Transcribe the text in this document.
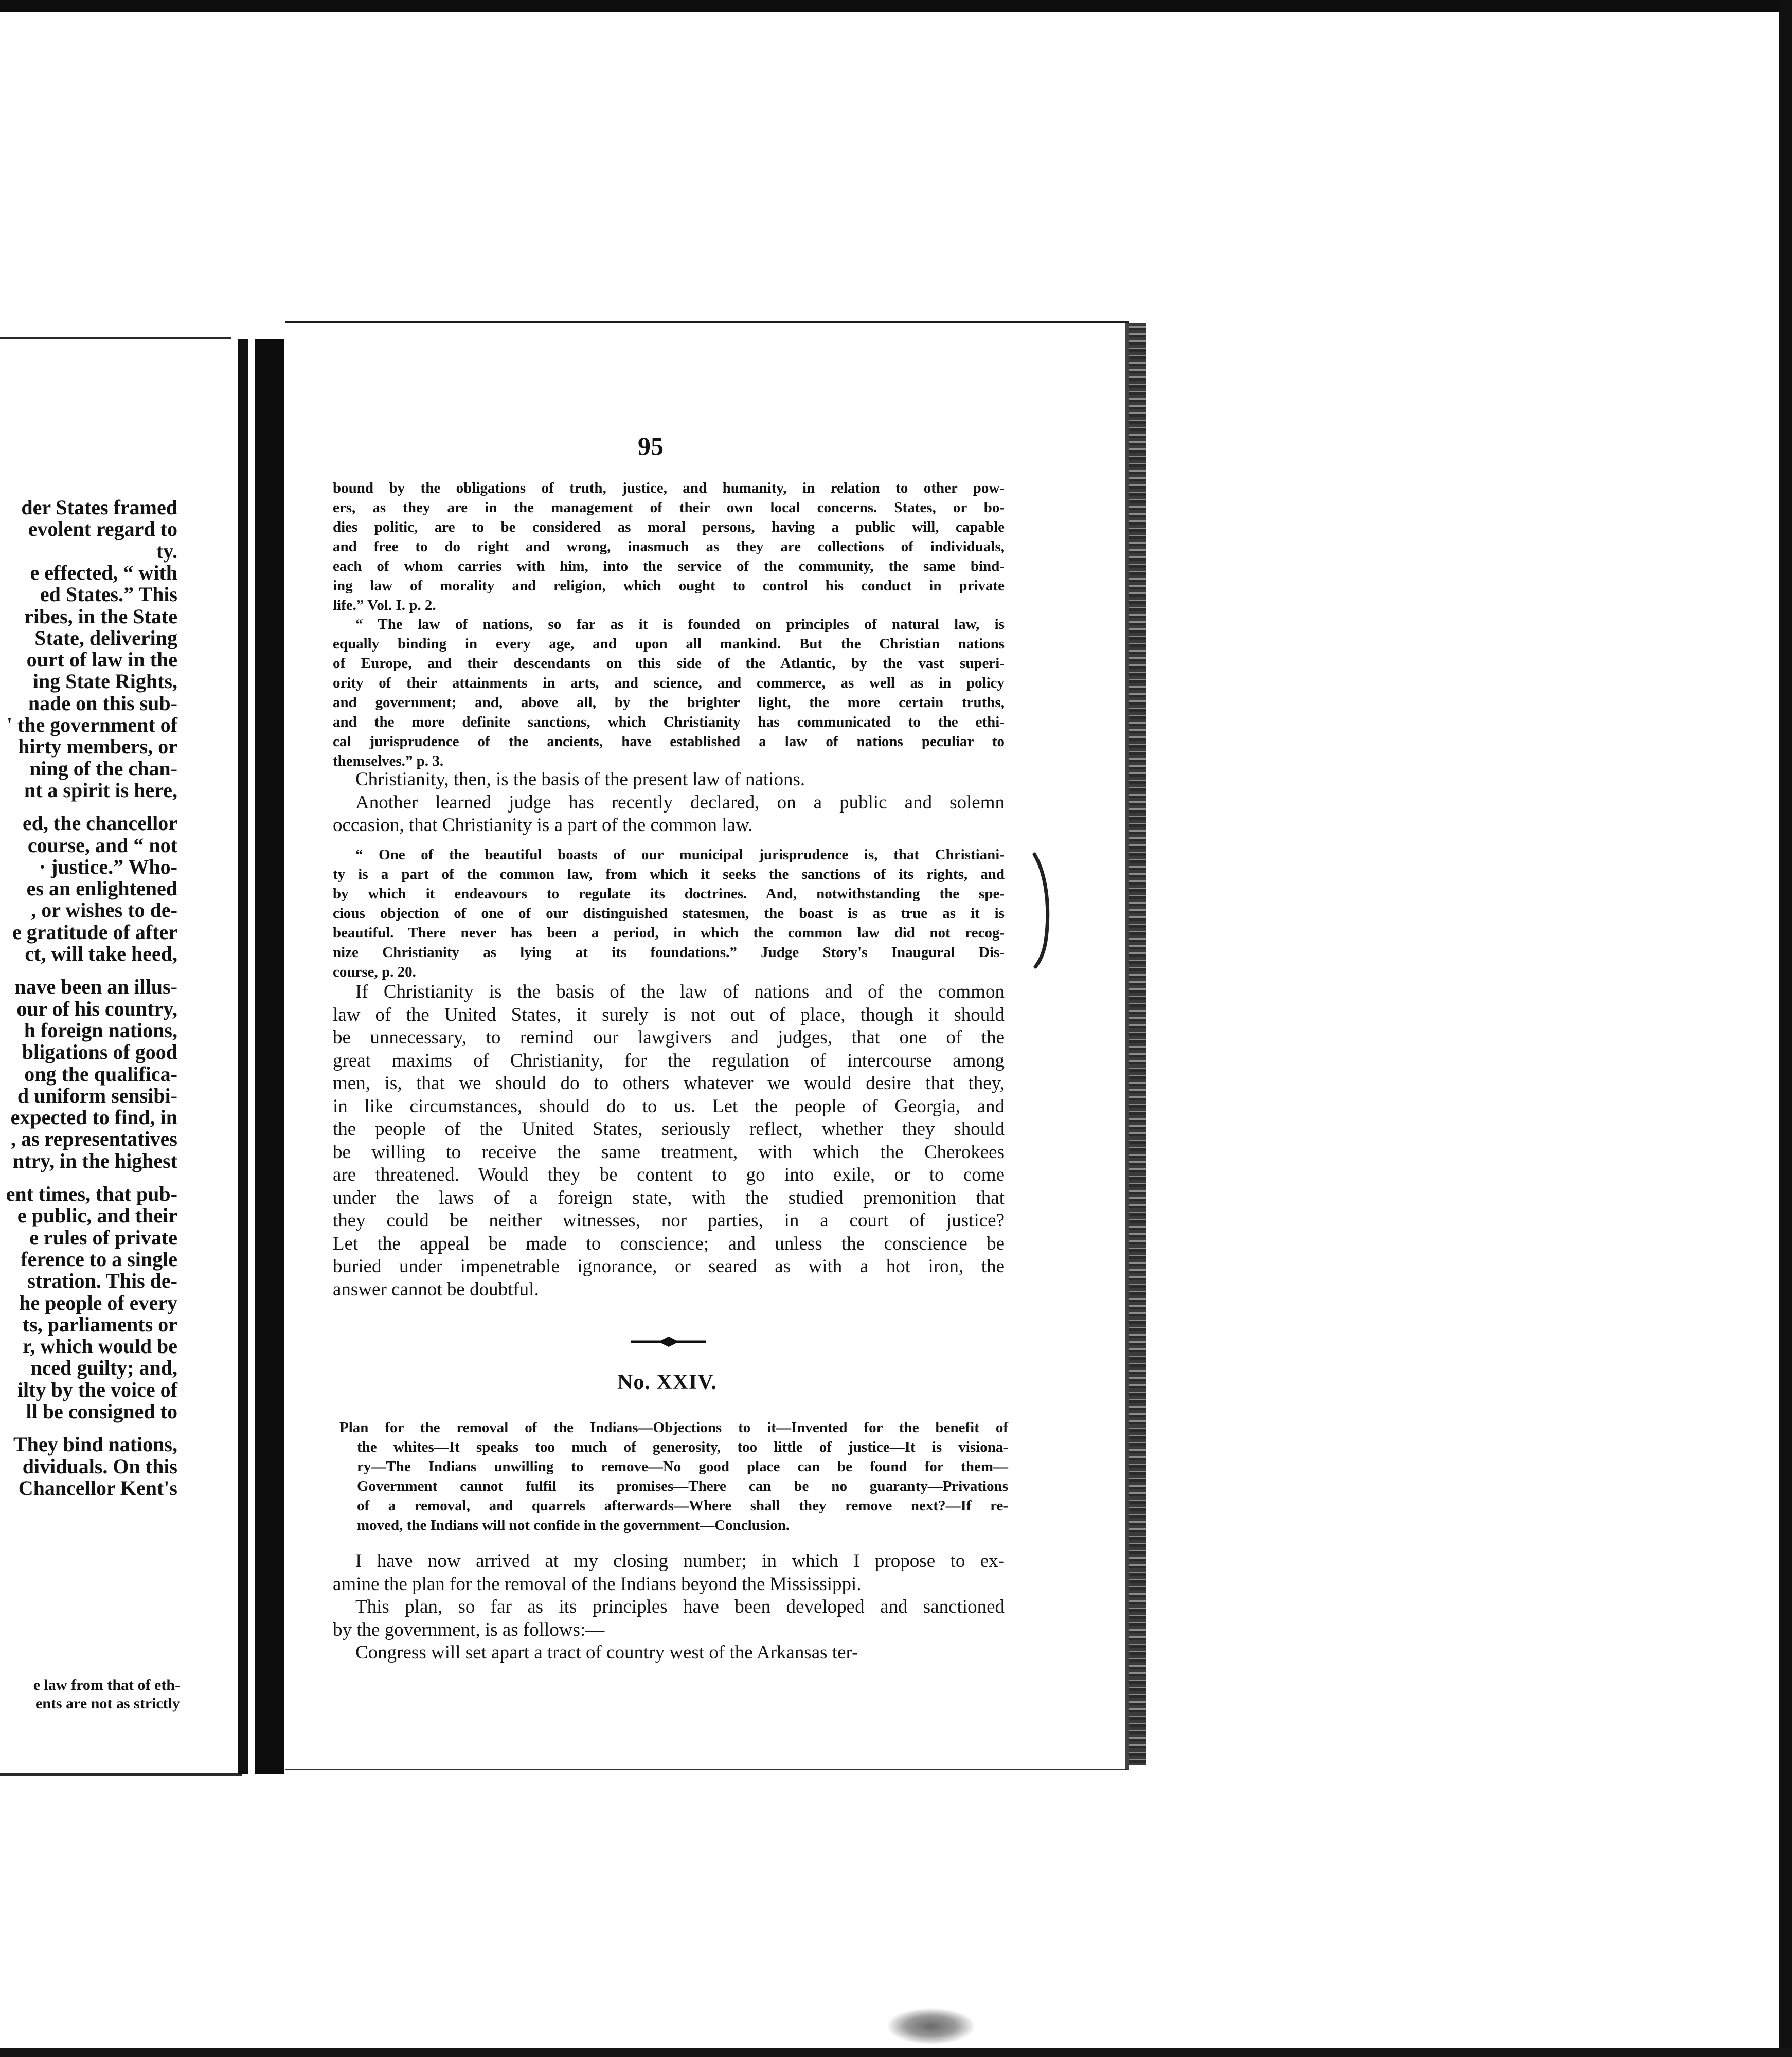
der States framed
evolent regard to
ty.
e effected, “ with
ed States.” This
ribes, in the State
State, delivering
ourt of law in the
ing State Rights,
nade on this sub-
' the government of
hirty members, or
ning of the chan-
nt a spirit is here,
ed, the chancellor
course, and “ not
· justice.” Who-
es an enlightened
, or wishes to de-
e gratitude of after
ct, will take heed,
nave been an illus-
our of his country,
h foreign nations,
bligations of good
ong the qualifica-
d uniform sensibi-
expected to find, in
, as representatives
ntry, in the highest
ent times, that pub-
e public, and their
e rules of private
ference to a single
stration. This de-
he people of every
ts, parliaments or
r, which would be
nced guilty; and,
ilty by the voice of
ll be consigned to
They bind nations,
dividuals. On this
Chancellor Kent's
e law from that of eth-
ents are not as strictly
95
bound by the obligations of truth, justice, and humanity, in relation to other pow-
ers, as they are in the management of their own local concerns. States, or bo-
dies politic, are to be considered as moral persons, having a public will, capable
and free to do right and wrong, inasmuch as they are collections of individuals,
each of whom carries with him, into the service of the community, the same bind-
ing law of morality and religion, which ought to control his conduct in private
life.” Vol. I. p. 2.
“ The law of nations, so far as it is founded on principles of natural law, is
equally binding in every age, and upon all mankind. But the Christian nations
of Europe, and their descendants on this side of the Atlantic, by the vast superi-
ority of their attainments in arts, and science, and commerce, as well as in policy
and government; and, above all, by the brighter light, the more certain truths,
and the more definite sanctions, which Christianity has communicated to the ethi-
cal jurisprudence of the ancients, have established a law of nations peculiar to
themselves.” p. 3.
Christianity, then, is the basis of the present law of nations.
Another learned judge has recently declared, on a public and solemn
occasion, that Christianity is a part of the common law.
“ One of the beautiful boasts of our municipal jurisprudence is, that Christiani-
ty is a part of the common law, from which it seeks the sanctions of its rights, and
by which it endeavours to regulate its doctrines. And, notwithstanding the spe-
cious objection of one of our distinguished statesmen, the boast is as true as it is
beautiful. There never has been a period, in which the common law did not recog-
nize Christianity as lying at its foundations.” Judge Story's Inaugural Dis-
course, p. 20.
If Christianity is the basis of the law of nations and of the common
law of the United States, it surely is not out of place, though it should
be unnecessary, to remind our lawgivers and judges, that one of the
great maxims of Christianity, for the regulation of intercourse among
men, is, that we should do to others whatever we would desire that they,
in like circumstances, should do to us. Let the people of Georgia, and
the people of the United States, seriously reflect, whether they should
be willing to receive the same treatment, with which the Cherokees
are threatened. Would they be content to go into exile, or to come
under the laws of a foreign state, with the studied premonition that
they could be neither witnesses, nor parties, in a court of justice?
Let the appeal be made to conscience; and unless the conscience be
buried under impenetrable ignorance, or seared as with a hot iron, the
answer cannot be doubtful.
No. XXIV.
Plan for the removal of the Indians—Objections to it—Invented for the benefit of
the whites—It speaks too much of generosity, too little of justice—It is visiona-
ry—The Indians unwilling to remove—No good place can be found for them—
Government cannot fulfil its promises—There can be no guaranty—Privations
of a removal, and quarrels afterwards—Where shall they remove next?—If re-
moved, the Indians will not confide in the government—Conclusion.
I have now arrived at my closing number; in which I propose to ex-
amine the plan for the removal of the Indians beyond the Mississippi.
This plan, so far as its principles have been developed and sanctioned
by the government, is as follows:—
Congress will set apart a tract of country west of the Arkansas ter-
